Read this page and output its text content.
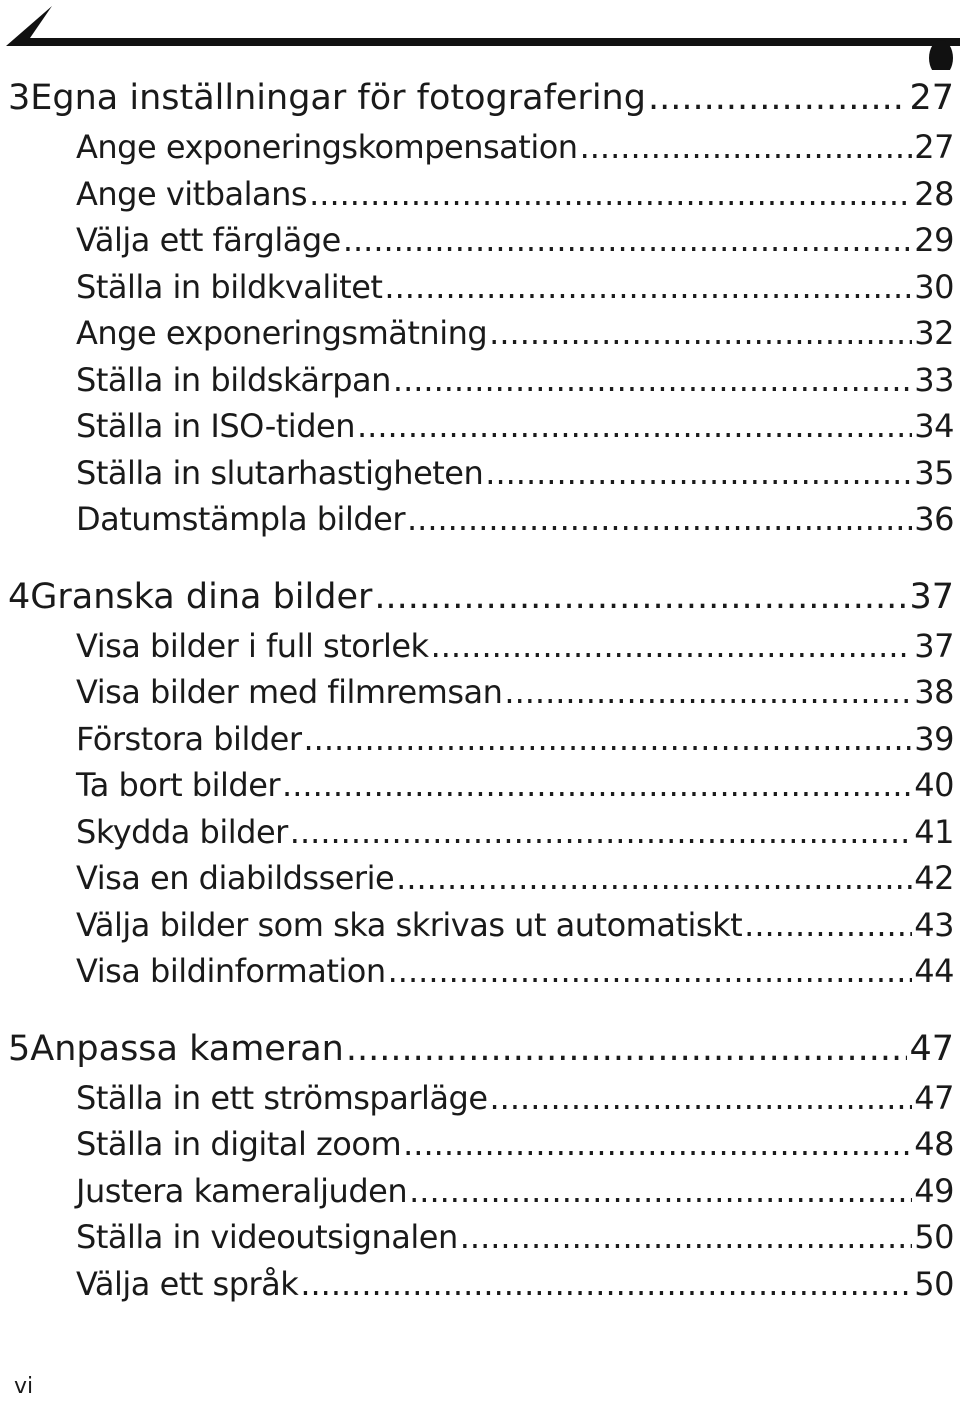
3 Egna inställningar för fotografering .....	27
Ange exponeringskompensation .....	27
Ange vitbalans .....	28
Välja ett färgläge .....	29
Ställa in bildkvalitet .....	30
Ange exponeringsmätning .....	32
Ställa in bildskärpan .....	33
Ställa in ISO-tiden .....	34
Ställa in slutarhastigheten .....	35
Datumstämpla bilder .....	36
4 Granska dina bilder .....	37
Visa bilder i full storlek .....	37
Visa bilder med filmremsan .....	38
Förstora bilder .....	39
Ta bort bilder .....	40
Skydda bilder .....	41
Visa en diabildsserie .....	42
Välja bilder som ska skrivas ut automatiskt .....	43
Visa bildinformation .....	44
5 Anpassa kameran .....	47
Ställa in ett strömsparläge .....	47
Ställa in digital zoom .....	48
Justera kameraljuden .....	49
Ställa in videoutsignalen .....	50
Välja ett språk .....	50
vi
